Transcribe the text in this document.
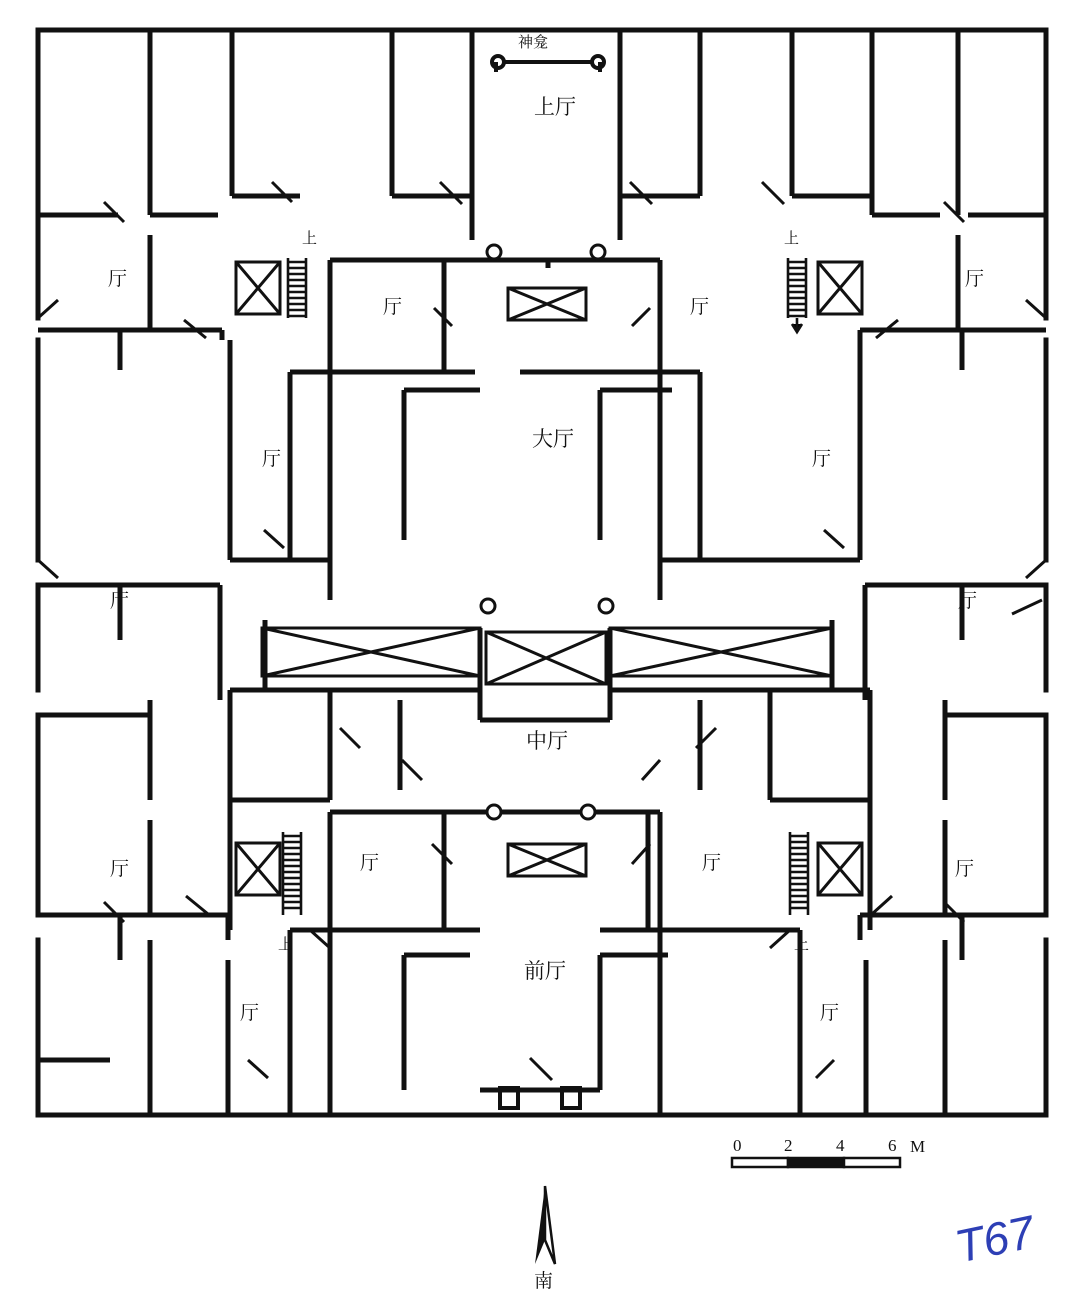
神龛
上厅
大厅
中厅
前厅
厅
厅	厅
厅
厅	厅
厅	厅
厅	厅	厅	厅
厅	厅
上	上
上	上
0	2	4	6 M
南
T67
